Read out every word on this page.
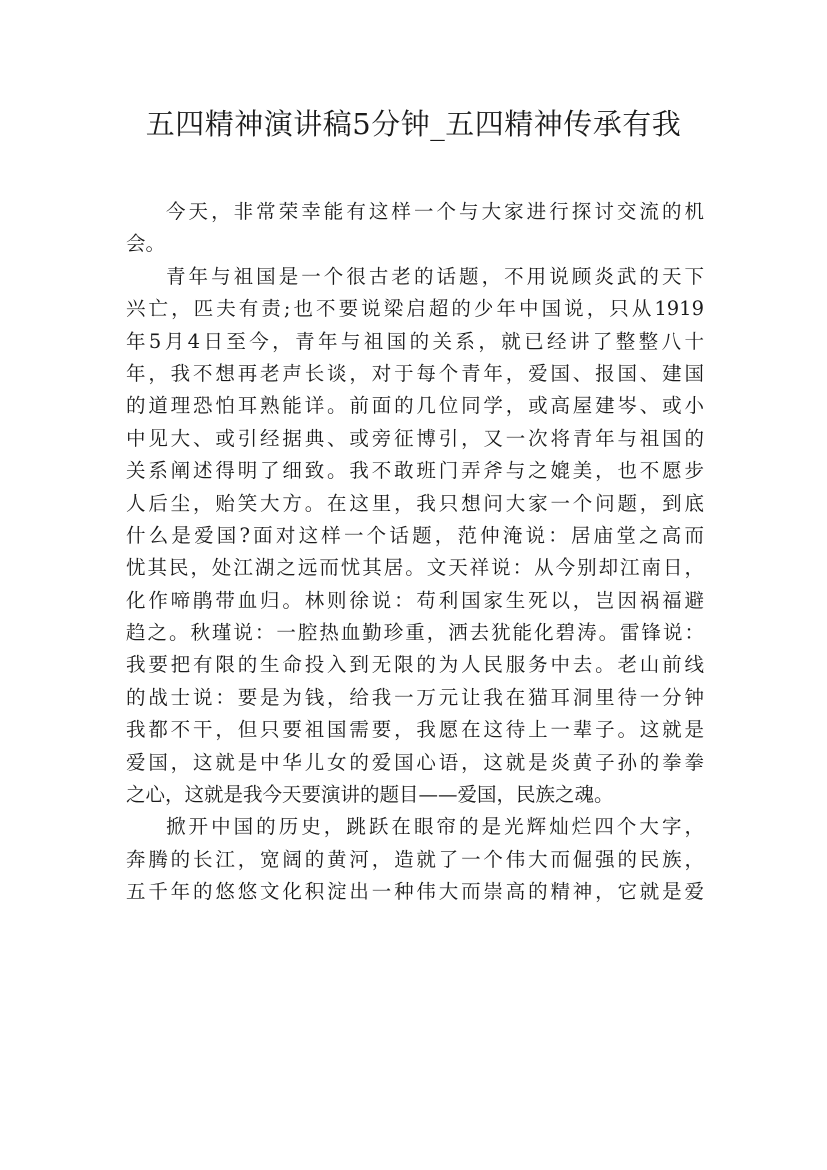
五四精神演讲稿5分钟_五四精神传承有我
今天，非常荣幸能有这样一个与大家进行探讨交流的机
会。
青年与祖国是一个很古老的话题，不用说顾炎武的天下
兴亡，匹夫有责;也不要说梁启超的少年中国说，只从1919
年5月4日至今，青年与祖国的关系，就已经讲了整整八十
年，我不想再老声长谈，对于每个青年，爱国、报国、建国
的道理恐怕耳熟能详。前面的几位同学，或高屋建岑、或小
中见大、或引经据典、或旁征博引，又一次将青年与祖国的
关系阐述得明了细致。我不敢班门弄斧与之媲美，也不愿步
人后尘，贻笑大方。在这里，我只想问大家一个问题，到底
什么是爱国?面对这样一个话题，范仲淹说：居庙堂之高而
忧其民，处江湖之远而忧其居。文天祥说：从今别却江南日，
化作啼鹃带血归。林则徐说：苟利国家生死以，岂因祸福避
趋之。秋瑾说：一腔热血勤珍重，洒去犹能化碧涛。雷锋说：
我要把有限的生命投入到无限的为人民服务中去。老山前线
的战士说：要是为钱，给我一万元让我在猫耳洞里待一分钟
我都不干，但只要祖国需要，我愿在这待上一辈子。这就是
爱国，这就是中华儿女的爱国心语，这就是炎黄子孙的拳拳
之心，这就是我今天要演讲的题目——爱国，民族之魂。
掀开中国的历史，跳跃在眼帘的是光辉灿烂四个大字，
奔腾的长江，宽阔的黄河，造就了一个伟大而倔强的民族，
五千年的悠悠文化积淀出一种伟大而崇高的精神，它就是爱
